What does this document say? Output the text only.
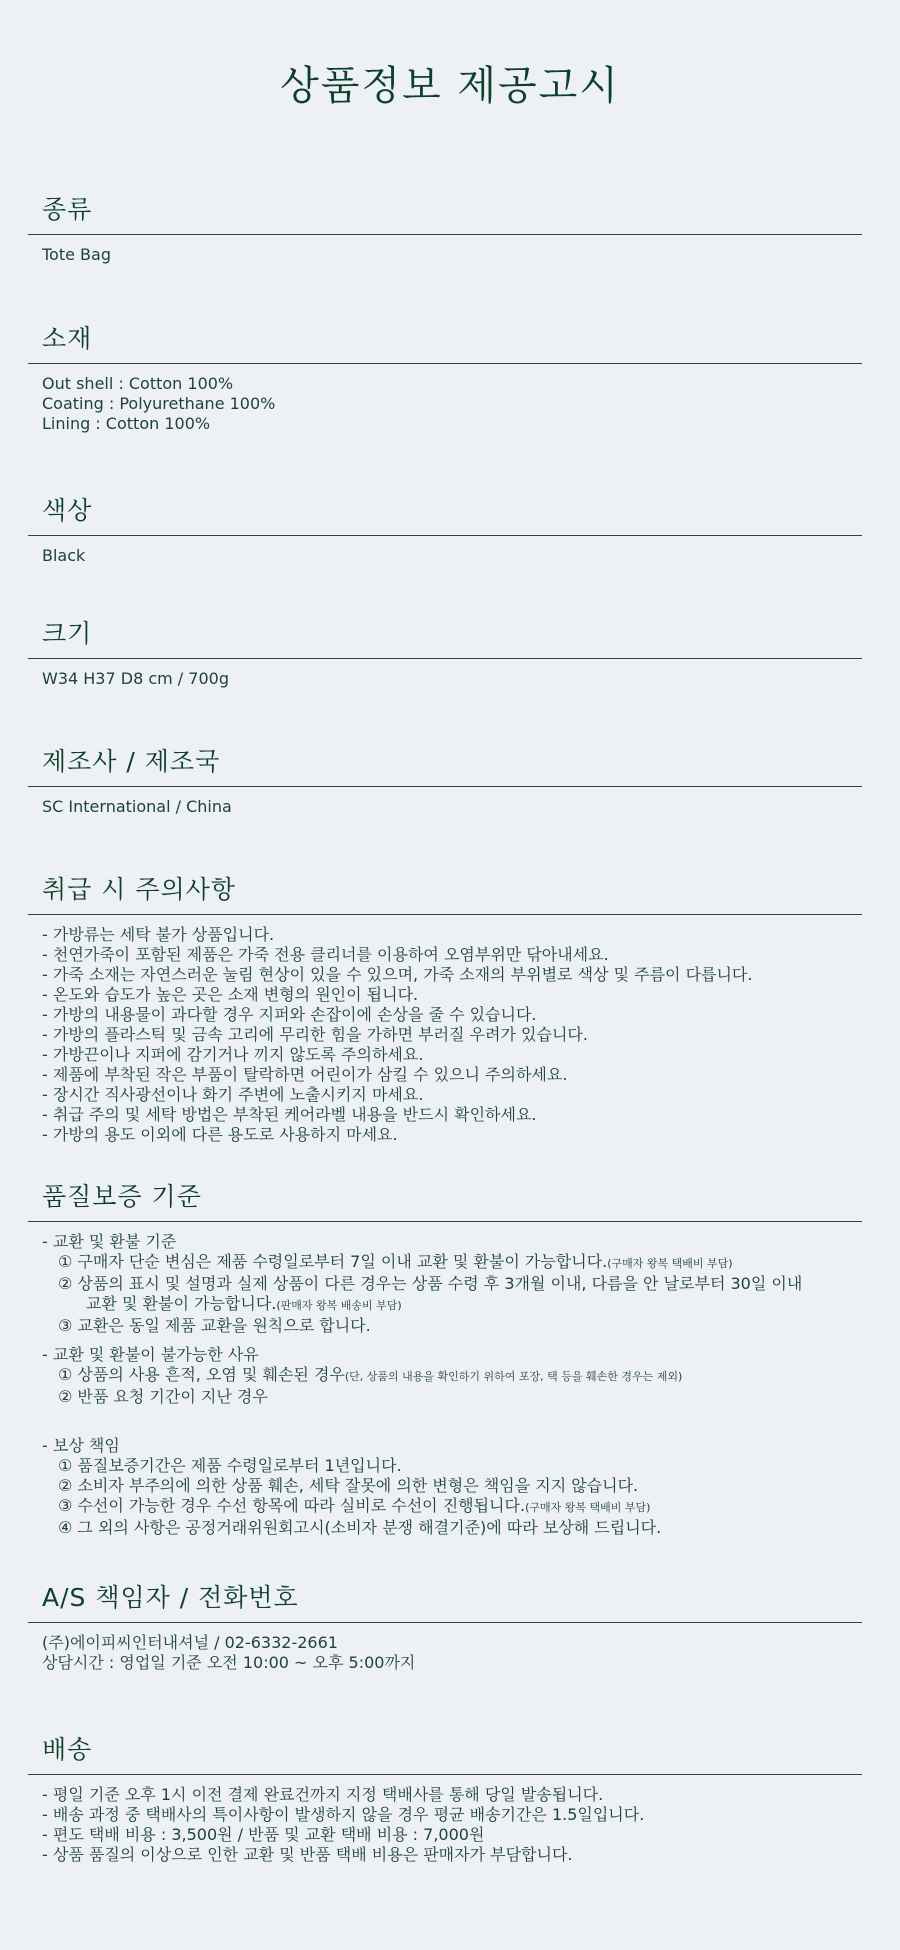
상품정보 제공고시
종류
Tote Bag
소재
Out shell : Cotton 100%
Coating : Polyurethane 100%
Lining : Cotton 100%
색상
Black
크기
W34 H37 D8 cm / 700g
제조사 / 제조국
SC International / China
취급 시 주의사항
- 가방류는 세탁 불가 상품입니다.
- 천연가죽이 포함된 제품은 가죽 전용 클리너를 이용하여 오염부위만 닦아내세요.
- 가죽 소재는 자연스러운 눌림 현상이 있을 수 있으며, 가죽 소재의 부위별로 색상 및 주름이 다릅니다.
- 온도와 습도가 높은 곳은 소재 변형의 원인이 됩니다.
- 가방의 내용물이 과다할 경우 지퍼와 손잡이에 손상을 줄 수 있습니다.
- 가방의 플라스틱 및 금속 고리에 무리한 힘을 가하면 부러질 우려가 있습니다.
- 가방끈이나 지퍼에 감기거나 끼지 않도록 주의하세요.
- 제품에 부착된 작은 부품이 탈락하면 어린이가 삼킬 수 있으니 주의하세요.
- 장시간 직사광선이나 화기 주변에 노출시키지 마세요.
- 취급 주의 및 세탁 방법은 부착된 케어라벨 내용을 반드시 확인하세요.
- 가방의 용도 이외에 다른 용도로 사용하지 마세요.
품질보증 기준
- 교환 및 환불 기준
① 구매자 단순 변심은 제품 수령일로부터 7일 이내 교환 및 환불이 가능합니다.(구매자 왕복 택배비 부담)
② 상품의 표시 및 설명과 실제 상품이 다른 경우는 상품 수령 후 3개월 이내, 다름을 안 날로부터 30일 이내
교환 및 환불이 가능합니다.(판매자 왕복 배송비 부담)
③ 교환은 동일 제품 교환을 원칙으로 합니다.
- 교환 및 환불이 불가능한 사유
① 상품의 사용 흔적, 오염 및 훼손된 경우(단, 상품의 내용을 확인하기 위하여 포장, 택 등을 훼손한 경우는 제외)
② 반품 요청 기간이 지난 경우
- 보상 책임
① 품질보증기간은 제품 수령일로부터 1년입니다.
② 소비자 부주의에 의한 상품 훼손, 세탁 잘못에 의한 변형은 책임을 지지 않습니다.
③ 수선이 가능한 경우 수선 항목에 따라 실비로 수선이 진행됩니다.(구매자 왕복 택배비 부담)
④ 그 외의 사항은 공정거래위원회고시(소비자 분쟁 해결기준)에 따라 보상해 드립니다.
A/S 책임자 / 전화번호
(주)에이피씨인터내셔널 / 02-6332-2661
상담시간 : 영업일 기준 오전 10:00 ~ 오후 5:00까지
배송
- 평일 기준 오후 1시 이전 결제 완료건까지 지정 택배사를 통해 당일 발송됩니다.
- 배송 과정 중 택배사의 특이사항이 발생하지 않을 경우 평균 배송기간은 1.5일입니다.
- 편도 택배 비용 : 3,500원 / 반품 및 교환 택배 비용 : 7,000원
- 상품 품질의 이상으로 인한 교환 및 반품 택배 비용은 판매자가 부담합니다.
